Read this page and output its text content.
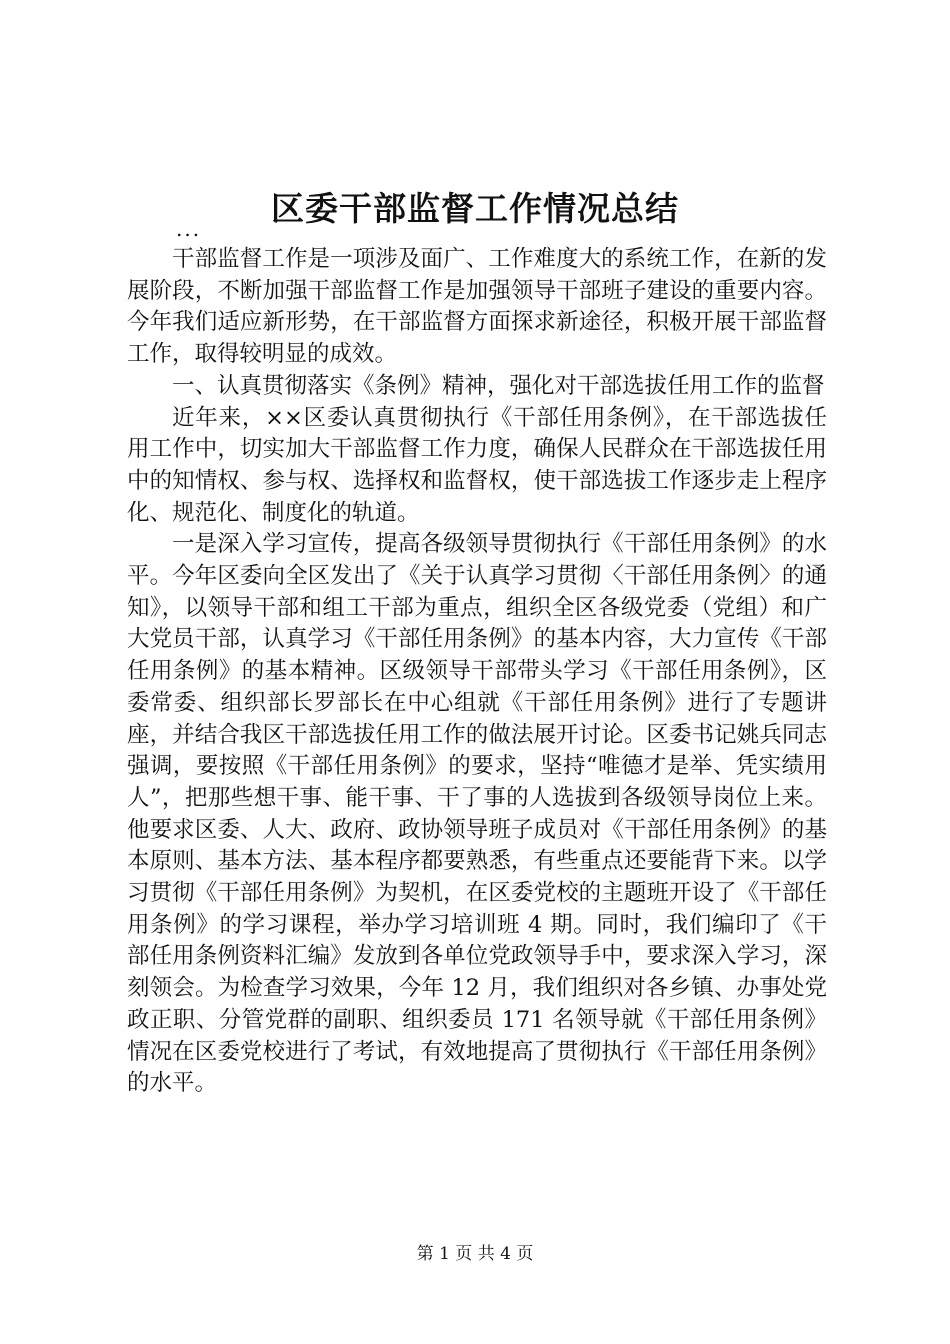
区委干部监督工作情况总结
...

干部监督工作是一项涉及面广、工作难度大的系统工作，在新的发展阶段，不断加强干部监督工作是加强领导干部班子建设的重要内容。今年我们适应新形势，在干部监督方面探求新途径，积极开展干部监督工作，取得较明显的成效。

一、认真贯彻落实《条例》精神，强化对干部选拔任用工作的监督

近年来，××区委认真贯彻执行《干部任用条例》，在干部选拔任用工作中，切实加大干部监督工作力度，确保人民群众在干部选拔任用中的知情权、参与权、选择权和监督权，使干部选拔工作逐步走上程序化、规范化、制度化的轨道。

一是深入学习宣传，提高各级领导贯彻执行《干部任用条例》的水平。今年区委向全区发出了《关于认真学习贯彻〈干部任用条例〉的通知》，以领导干部和组工干部为重点，组织全区各级党委（党组）和广大党员干部，认真学习《干部任用条例》的基本内容，大力宣传《干部任用条例》的基本精神。区级领导干部带头学习《干部任用条例》，区委常委、组织部长罗部长在中心组就《干部任用条例》进行了专题讲座，并结合我区干部选拔任用工作的做法展开讨论。区委书记姚兵同志强调，要按照《干部任用条例》的要求，坚持“唯德才是举、凭实绩用人”，把那些想干事、能干事、干了事的人选拔到各级领导岗位上来。他要求区委、人大、政府、政协领导班子成员对《干部任用条例》的基本原则、基本方法、基本程序都要熟悉，有些重点还要能背下来。以学习贯彻《干部任用条例》为契机，在区委党校的主题班开设了《干部任用条例》的学习课程，举办学习培训班 4 期。同时，我们编印了《干部任用条例资料汇编》发放到各单位党政领导手中，要求深入学习，深刻领会。为检查学习效果，今年 12 月，我们组织对各乡镇、办事处党政正职、分管党群的副职、组织委员 171 名领导就《干部任用条例》情况在区委党校进行了考试，有效地提高了贯彻执行《干部任用条例》的水平。

第 1 页 共 4 页
